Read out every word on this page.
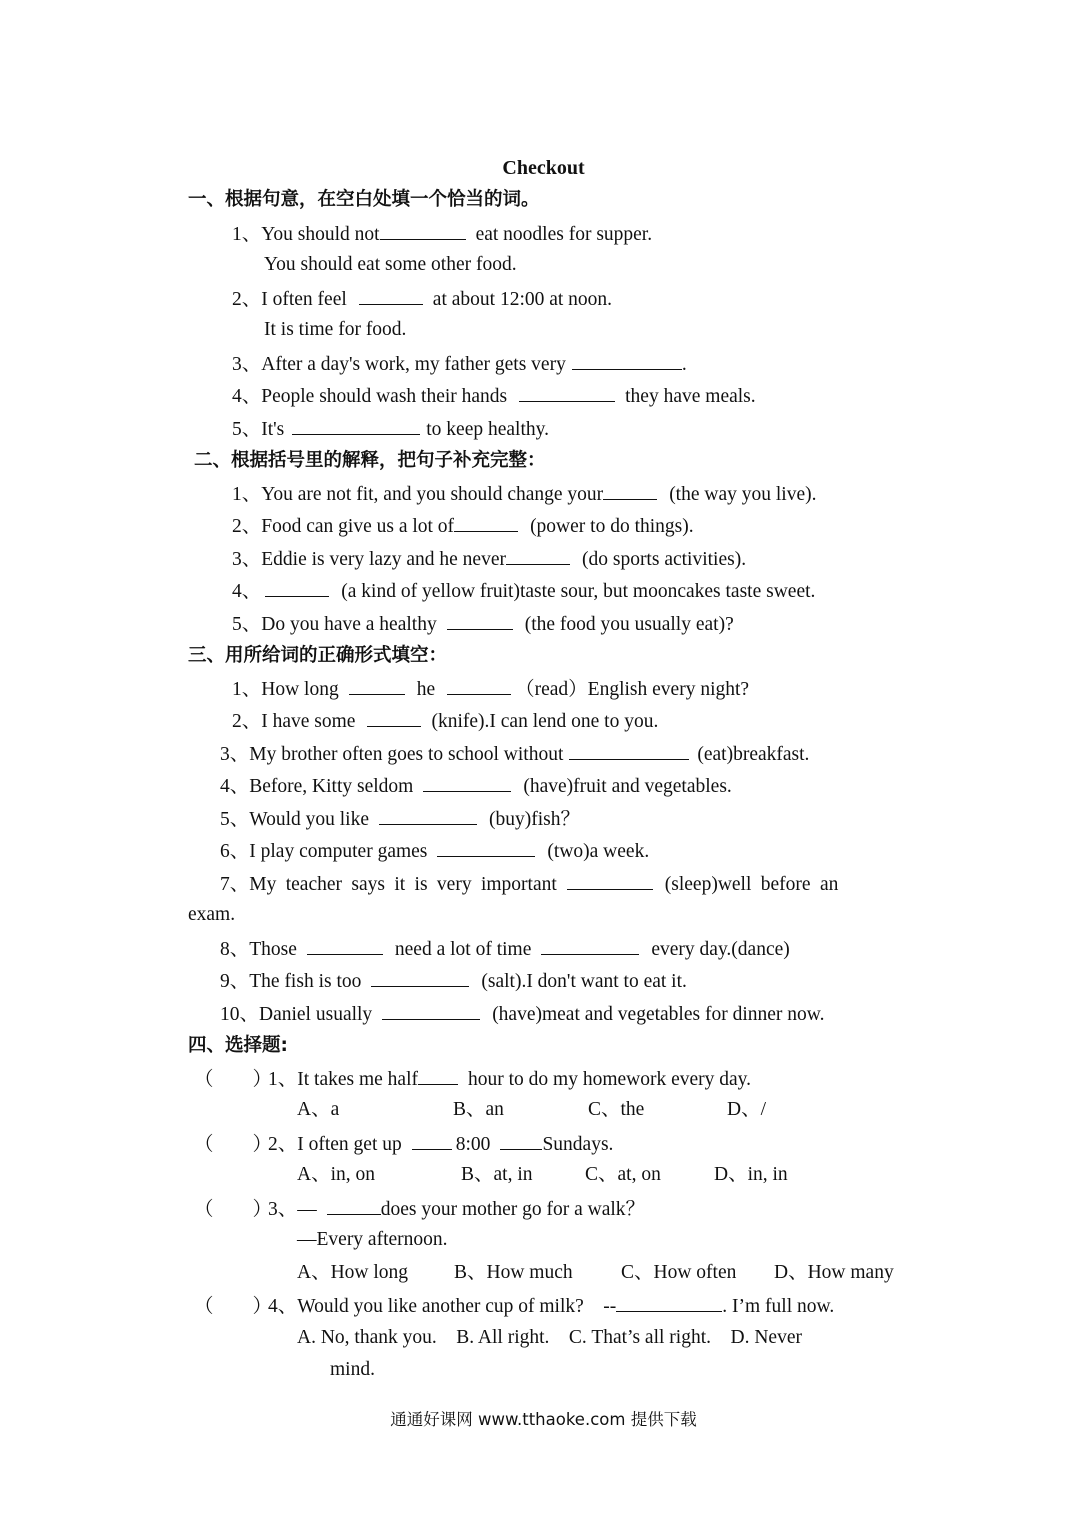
Checkout
一、根据句意，在空白处填一个恰当的词。
1、You should not	eat noodles for supper.
You should eat some other food.
2、I often feel	at about 12:00 at noon.
It is time for food.
3、After a day's work, my father gets very	.
4、People should wash their hands	they have meals.
5、It's	to keep healthy.
二、根据括号里的解释，把句子补充完整：
1、You are not fit, and you should change your	(the way you live).
2、Food can give us a lot of	(power to do things).
3、Eddie is very lazy and he never	(do sports activities).
4、	(a kind of yellow fruit)taste sour, but mooncakes taste sweet.
5、Do you have a healthy	(the food you usually eat)?
三、用所给词的正确形式填空：
1、How long	he	（read）English every night?
2、I have some	(knife).I can lend one to you.
3、My brother often goes to school without	(eat)breakfast.
4、Before, Kitty seldom	(have)fruit and vegetables.
5、Would you like	(buy)fish？
6、I play computer games	(two)a week.
7、My teacher says it is very important	(sleep)well before an
exam.
8、Those	need a lot of time	every day.(dance)
9、The fish is too	(salt).I don't want to eat it.
10、Daniel usually	(have)meat and vegetables for dinner now.
四、选择题:
（　　）1、It takes me half	hour to do my homework every day.
A、a	B、an	C、the	D、/
（　　）2、I often get up	8:00	Sundays.
A、in, on	B、at, in	C、at, on	D、in, in
（　　）3、—	does your mother go for a walk？
—Every afternoon.
A、How long B、How much C、How often D、How many
（　　）4、Would you like another cup of milk?　--	. I’m full now.
A. No, thank you.　B. All right.　C. That’s all right.　D. Never
mind.
通通好课网 www.tthaoke.com 提供下载
